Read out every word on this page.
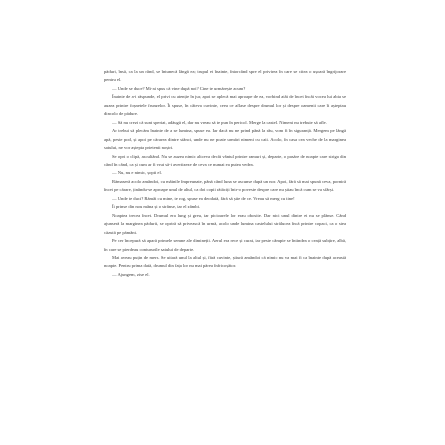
păduri, însă, ca la un rând, se întunecă lângă ea; trupul ei înainte, întorcând spre el privirea în care se citea o ușoară îngrijorare pentru el.

— Unde se duce? Mi-ai spus că vine după noi? Cine te urmărește acum?

Înainte de a-i răspunde, el privi cu atenție în jur, apoi se aplecă mai aproape de ea, vorbind atât de încet încât vocea lui abia se auzea printre foșnetele frunzelor. Îi spuse, în câteva cuvinte, ceea ce aflase despre drumul lor și despre oamenii care îi așteptau dincolo de pădure.

— Să nu crezi că sunt speriat, adăugă el, dar nu vreau să te pun în pericol. Merge la castel. Nimeni nu trebuie să afle.

Ar trebui să plecăm înainte de a se lumina, spuse ea. Iar dacă nu ne prind până la râu, vom fi în siguranță. Mergem pe lângă apă, peste pod, și apoi pe cărarea dintre stânci, unde nu ne poate urmări nimeni cu caii. Acolo, în casa cea veche de la marginea satului, ne vor aștepta prietenii noștri.

Se opri o clipă, ascultând. Nu se auzea nimic altceva decât vântul printre ramuri și, departe, o pasăre de noapte care striga din când în când, ca și cum ar fi vrut să-i avertizeze de ceva ce numai ea putea vedea.

— Nu, nu e nimic, șopti el.

Rămaseră acolo amândoi, cu mâinile împreunate, până când luna se ascunse după un nor. Apoi, fără să mai spună ceva, porniră încet pe cărare, ținându-se aproape unul de altul, ca doi copii rătăciți într-o poveste despre care nu știau încă cum se va sfârși.

— Unde te duci? Rămâi cu mine, te rog, spuse ea deodată, fără să știe de ce. Vreau să merg cu tine!

Îi prinse din nou mâna și o strânse, iar el zâmbi.

Noaptea trecea încet. Drumul era lung și greu, iar picioarele lor erau obosite. Dar nici unul dintre ei nu se plânse. Când ajunseră la marginea pădurii, se opriră să privească în urmă, acolo unde lumina castelului strălucea încă printre copaci, ca o stea căzută pe pământ.

Pe cer începură să apară primele semne ale dimineții. Aerul era rece și curat, iar peste câmpie se întindea o ceață subțire, albă, în care se pierdeau contururile satului de departe.

Mai aveau puțin de mers. Se uitară unul la altul și, fără cuvinte, știură amândoi că nimic nu va mai fi ca înainte după această noapte. Pentru prima dată, drumul din fața lor nu mai părea înfricoșător.

— Ajungem, zise el.
